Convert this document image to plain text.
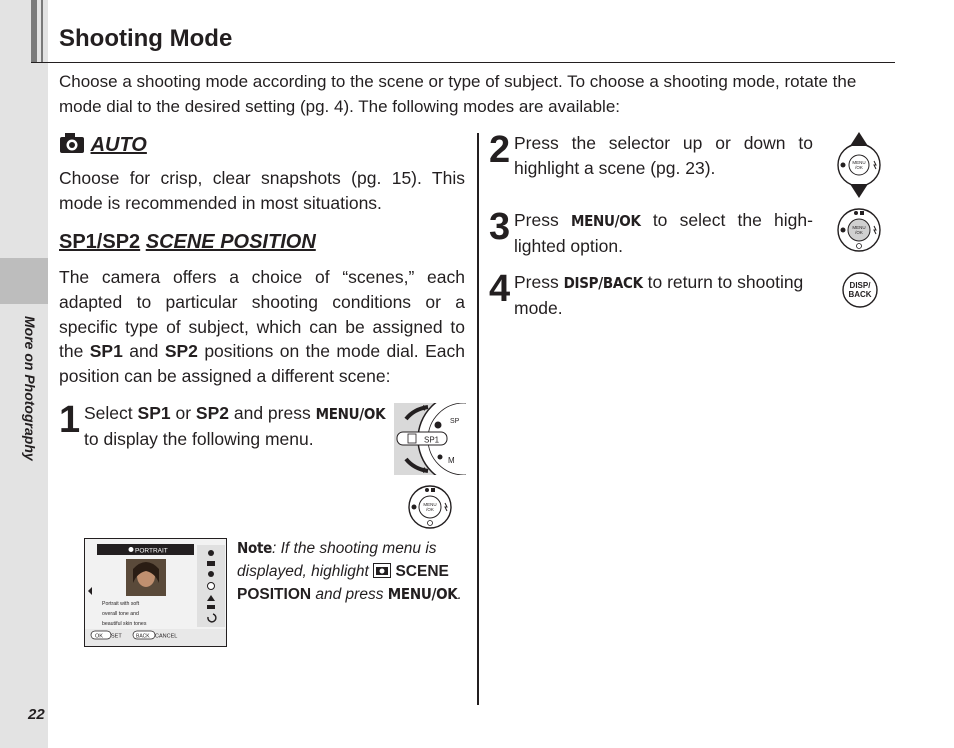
More on Photography
22
Shooting Mode
Choose a shooting mode according to the scene or type of subject. To choose a shooting mode, rotate the mode dial to the desired setting (pg. 4). The following modes are available:
AUTO
Choose for crisp, clear snapshots (pg. 15). This mode is recommended in most situations.
SP1/SP2 SCENE POSITION
The camera offers a choice of “scenes,” each adapted to particular shooting conditions or a specific type of subject, which can be assigned to the SP1 and SP2 positions on the mode dial. Each position can be assigned a different scene:
1 Select SP1 or SP2 and press MENU/OK to display the following menu.
SP
M
SP1
MENU
/OK
PORTRAIT
Portrait with soft
overall tone and
beautiful skin tones
OK SET	BACK CANCEL
Note: If the shooting menu is displayed, highlight SCENE POSITION and press MENU/OK.
2 Press the selector up or down to highlight a scene (pg. 23).	MENU
/OK
3 Press MENU/OK to select the high-lighted option.
MENU
/OK
4 Press DISP/BACK to return to shooting mode.
DISP/
BACK
